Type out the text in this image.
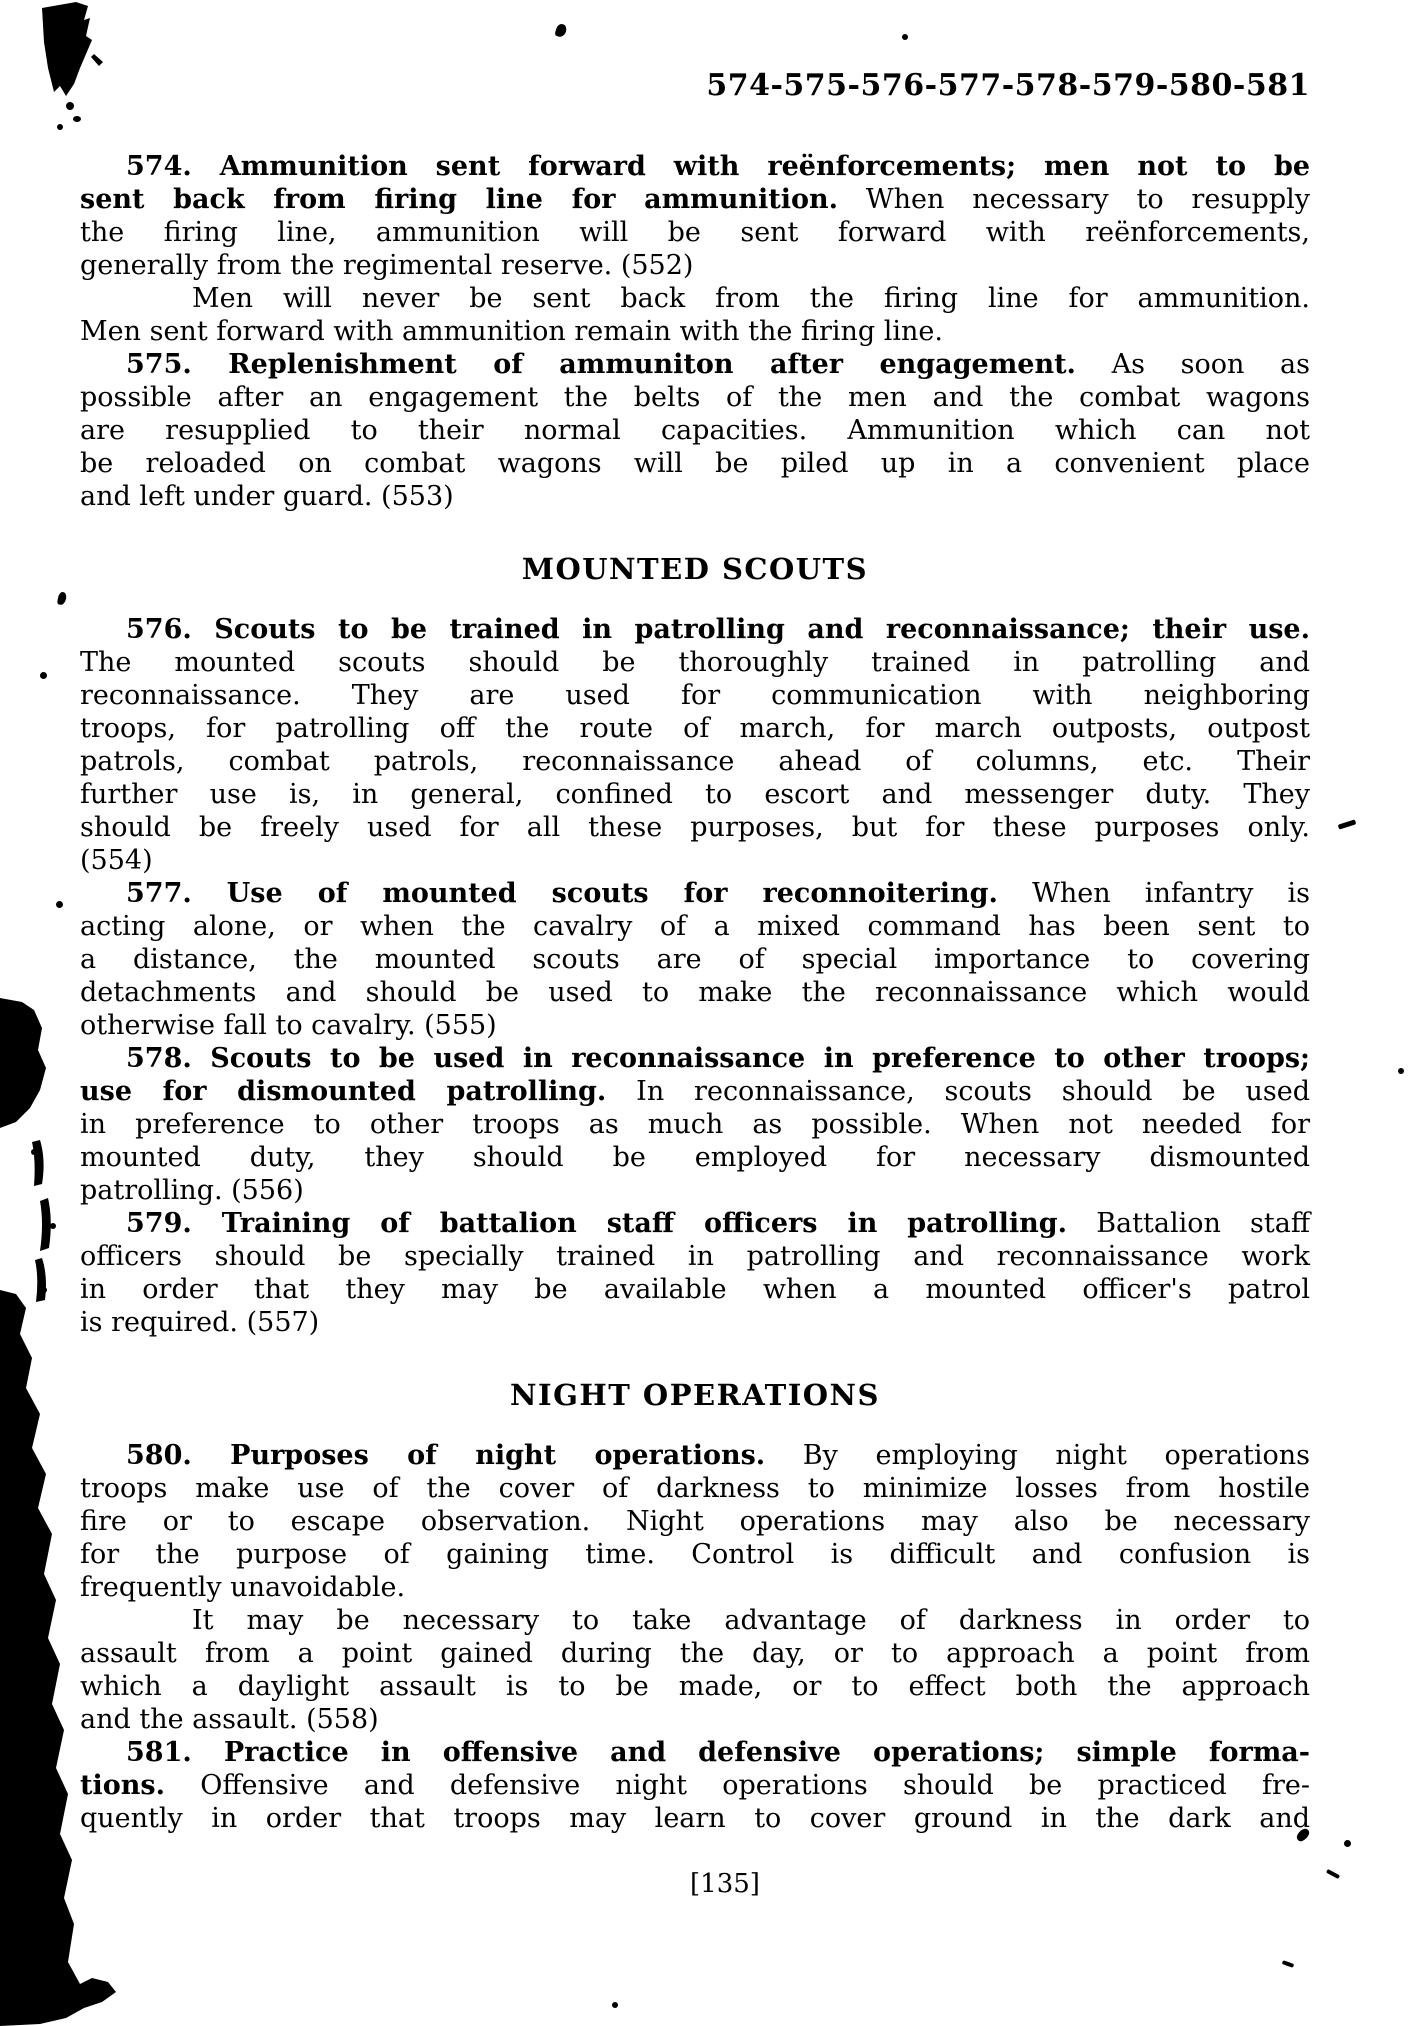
574-575-576-577-578-579-580-581
574. Ammunition sent forward with reënforcements; men not to be
sent back from firing line for ammunition. When necessary to resupply
the firing line, ammunition will be sent forward with reënforcements,
generally from the regimental reserve. (552)
Men will never be sent back from the firing line for ammunition.
Men sent forward with ammunition remain with the firing line.
575. Replenishment of ammuniton after engagement. As soon as
possible after an engagement the belts of the men and the combat wagons
are resupplied to their normal capacities. Ammunition which can not
be reloaded on combat wagons will be piled up in a convenient place
and left under guard. (553)
MOUNTED SCOUTS
576. Scouts to be trained in patrolling and reconnaissance; their use.
The mounted scouts should be thoroughly trained in patrolling and
reconnaissance. They are used for communication with neighboring
troops, for patrolling off the route of march, for march outposts, outpost
patrols, combat patrols, reconnaissance ahead of columns, etc. Their
further use is, in general, confined to escort and messenger duty. They
should be freely used for all these purposes, but for these purposes only.
(554)
577. Use of mounted scouts for reconnoitering. When infantry is
acting alone, or when the cavalry of a mixed command has been sent to
a distance, the mounted scouts are of special importance to covering
detachments and should be used to make the reconnaissance which would
otherwise fall to cavalry. (555)
578. Scouts to be used in reconnaissance in preference to other troops;
use for dismounted patrolling. In reconnaissance, scouts should be used
in preference to other troops as much as possible. When not needed for
mounted duty, they should be employed for necessary dismounted
patrolling. (556)
579. Training of battalion staff officers in patrolling. Battalion staff
officers should be specially trained in patrolling and reconnaissance work
in order that they may be available when a mounted officer's patrol
is required. (557)
NIGHT OPERATIONS
580. Purposes of night operations. By employing night operations
troops make use of the cover of darkness to minimize losses from hostile
fire or to escape observation. Night operations may also be necessary
for the purpose of gaining time. Control is difficult and confusion is
frequently unavoidable.
It may be necessary to take advantage of darkness in order to
assault from a point gained during the day, or to approach a point from
which a daylight assault is to be made, or to effect both the approach
and the assault. (558)
581. Practice in offensive and defensive operations; simple forma-
tions. Offensive and defensive night operations should be practiced fre-
quently in order that troops may learn to cover ground in the dark and
[135]
